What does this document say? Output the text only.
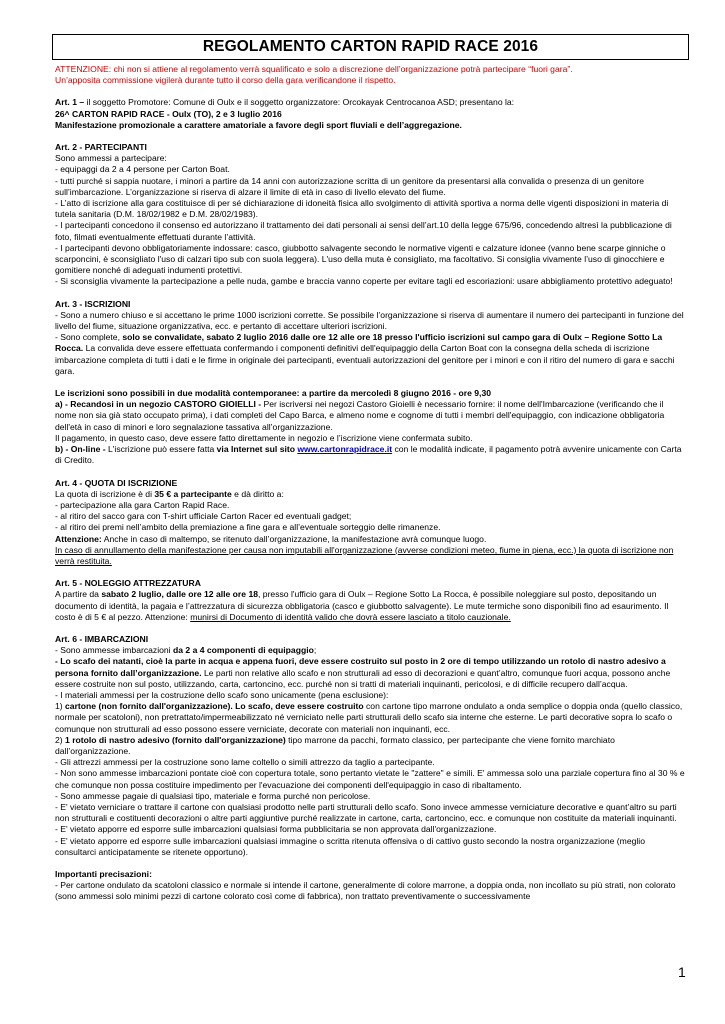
REGOLAMENTO CARTON RAPID RACE 2016

ATTENZIONE: chi non si attiene al regolamento verrà squalificato e solo a discrezione dell’organizzazione potrà partecipare “fuori gara”.

Un’apposita commissione vigilerà durante tutto il corso della gara verificandone il rispetto.

Art. 1 – il soggetto Promotore: Comune di Oulx e il soggetto organizzatore: Orcokayak Centrocanoa ASD; presentano la:

26^ CARTON RAPID RACE - Oulx (TO), 2 e 3 luglio 2016

Manifestazione promozionale a carattere amatoriale a favore degli sport fluviali e dell’aggregazione.

Art. 2 - PARTECIPANTI

Sono ammessi a partecipare:

- equipaggi da 2 a 4 persone per Carton Boat.

- tutti purché si sappia nuotare, i minori a partire da 14 anni con autorizzazione scritta di un genitore da presentarsi alla convalida o presenza di un genitore sull’imbarcazione. L’organizzazione si riserva di alzare il limite di età in caso di livello elevato del fiume.

- L’atto di iscrizione alla gara costituisce di per sé dichiarazione di idoneità fisica allo svolgimento di attività sportiva a norma delle vigenti disposizioni in materia di tutela sanitaria (D.M. 18/02/1982 e D.M. 28/02/1983).

- I partecipanti concedono il consenso ed autorizzano il trattamento dei dati personali ai sensi dell’art.10 della legge 675/96, concedendo altresì la pubblicazione di foto, filmati eventualmente effettuati durante l’attività.

- I partecipanti devono obbligatoriamente indossare: casco, giubbotto salvagente secondo le normative vigenti e calzature idonee (vanno bene scarpe ginniche o scarponcini, è sconsigliato l'uso di calzari tipo sub con suola leggera). L'uso della muta è consigliato, ma facoltativo. Si consiglia vivamente l’uso di ginocchiere e gomitiere nonché di adeguati indumenti protettivi.

- Si sconsiglia vivamente la partecipazione a pelle nuda, gambe e braccia vanno coperte per evitare tagli ed escoriazioni: usare abbigliamento protettivo adeguato!

Art. 3 - ISCRIZIONI

- Sono a numero chiuso e si accettano le prime 1000 iscrizioni corrette. Se possibile l’organizzazione si riserva di aumentare il numero dei partecipanti in funzione del livello del fiume, situazione organizzativa, ecc. e pertanto di accettare ulteriori iscrizioni.

- Sono complete, solo se convalidate, sabato 2 luglio 2016 dalle ore 12 alle ore 18 presso l'ufficio iscrizioni sul campo gara di Oulx – Regione Sotto La Rocca. La convalida deve essere effettuata confermando i componenti definitivi dell'equipaggio della Carton Boat con la consegna della scheda di iscrizione imbarcazione completa di tutti i dati e le firme in originale dei partecipanti, eventuali autorizzazioni del genitore per i minori e con il ritiro del numero di gara e sacchi gara.

Le iscrizioni sono possibili in due modalità contemporanee: a partire da mercoledì 8 giugno 2016 - ore 9,30

a) - Recandosi in un negozio CASTORO GIOIELLI - Per iscriversi nei negozi Castoro Gioielli è necessario fornire: il nome dell'Imbarcazione (verificando che il nome non sia già stato occupato prima), i dati completi del Capo Barca, e almeno nome e cognome di tutti i membri dell'equipaggio, con indicazione obbligatoria dell'età in caso di minori e loro segnalazione tassativa all’organizzazione.

Il pagamento, in questo caso, deve essere fatto direttamente in negozio e l’iscrizione viene confermata subito.

b) - On-line - L'iscrizione può essere fatta via Internet sul sito www.cartonrapidrace.it con le modalità indicate, il pagamento potrà avvenire unicamente con Carta di Credito.

Art. 4 - QUOTA DI ISCRIZIONE

La quota di iscrizione è di 35 € a partecipante e dà diritto a:

- partecipazione alla gara Carton Rapid Race.

- al ritiro del sacco gara con T-shirt ufficiale Carton Racer ed eventuali gadget;

- al ritiro dei premi nell’ambito della premiazione a fine gara e all’eventuale sorteggio delle rimanenze.

Attenzione: Anche in caso di maltempo, se ritenuto dall’organizzazione, la manifestazione avrà comunque luogo.

In caso di annullamento della manifestazione per causa non imputabili all'organizzazione (avverse condizioni meteo, fiume in piena, ecc.) la quota di iscrizione non verrà restituita.

Art. 5 - NOLEGGIO ATTREZZATURA

A partire da sabato 2 luglio, dalle ore 12 alle ore 18, presso l'ufficio gara di Oulx – Regione Sotto La Rocca, è possibile noleggiare sul posto, depositando un documento di identità, la pagaia e l’attrezzatura di sicurezza obbligatoria (casco e giubbotto salvagente). Le mute termiche sono disponibili fino ad esaurimento. Il costo è di 5 € al pezzo. Attenzione: munirsi di Documento di identità valido che dovrà essere lasciato a titolo cauzionale.

Art. 6 - IMBARCAZIONI

- Sono ammesse imbarcazioni da 2 a 4 componenti di equipaggio;

- Lo scafo dei natanti, cioè la parte in acqua e appena fuori, deve essere costruito sul posto in 2 ore di tempo utilizzando un rotolo di nastro adesivo a persona fornito dall’organizzazione. Le parti non relative allo scafo e non strutturali ad esso di decorazioni e quant’altro, comunque fuori acqua, possono anche essere costruite non sul posto, utilizzando, carta, cartoncino, ecc. purché non si tratti di materiali inquinanti, pericolosi, e di difficile recupero dall’acqua.

- I materiali ammessi per la costruzione dello scafo sono unicamente (pena esclusione):

1) cartone (non fornito dall'organizzazione). Lo scafo, deve essere costruito con cartone tipo marrone ondulato a onda semplice o doppia onda (quello classico, normale per scatoloni), non pretrattato/impermeabilizzato né verniciato nelle parti strutturali dello scafo sia interne che esterne. Le parti decorative sopra lo scafo o comunque non strutturali ad esso possono essere verniciate, decorate con materiali non inquinanti, ecc.

2) 1 rotolo di nastro adesivo (fornito dall'organizzazione) tipo marrone da pacchi, formato classico, per partecipante che viene fornito marchiato dall’organizzazione.

- Gli attrezzi ammessi per la costruzione sono lame coltello o simili attrezzo da taglio a partecipante.

- Non sono ammesse imbarcazioni pontate cioè con copertura totale, sono pertanto vietate le "zattere" e simili. E' ammessa solo una parziale copertura fino al 30 % e che comunque non possa costituire impedimento per l'evacuazione dei componenti dell'equipaggio in caso di ribaltamento.

- Sono ammesse pagaie di qualsiasi tipo, materiale e forma purché non pericolose.

- E' vietato verniciare o trattare il cartone con qualsiasi prodotto nelle parti strutturali dello scafo. Sono invece ammesse verniciature decorative e quant’altro su parti non strutturali e costituenti decorazioni o altre parti aggiuntive purché realizzate in cartone, carta, cartoncino, ecc. e comunque non costituite da materiali inquinanti.

- E' vietato apporre ed esporre sulle imbarcazioni qualsiasi forma pubblicitaria se non approvata dall'organizzazione.

- E' vietato apporre ed esporre sulle imbarcazioni qualsiasi immagine o scritta ritenuta offensiva o di cattivo gusto secondo la nostra organizzazione (meglio consultarci anticipatamente se ritenete opportuno).

Importanti precisazioni:

- Per cartone ondulato da scatoloni classico e normale si intende il cartone, generalmente di colore marrone, a doppia onda, non incollato su più strati, non colorato (sono ammessi solo minimi pezzi di cartone colorato così come di fabbrica), non trattato preventivamente o successivamente

1
